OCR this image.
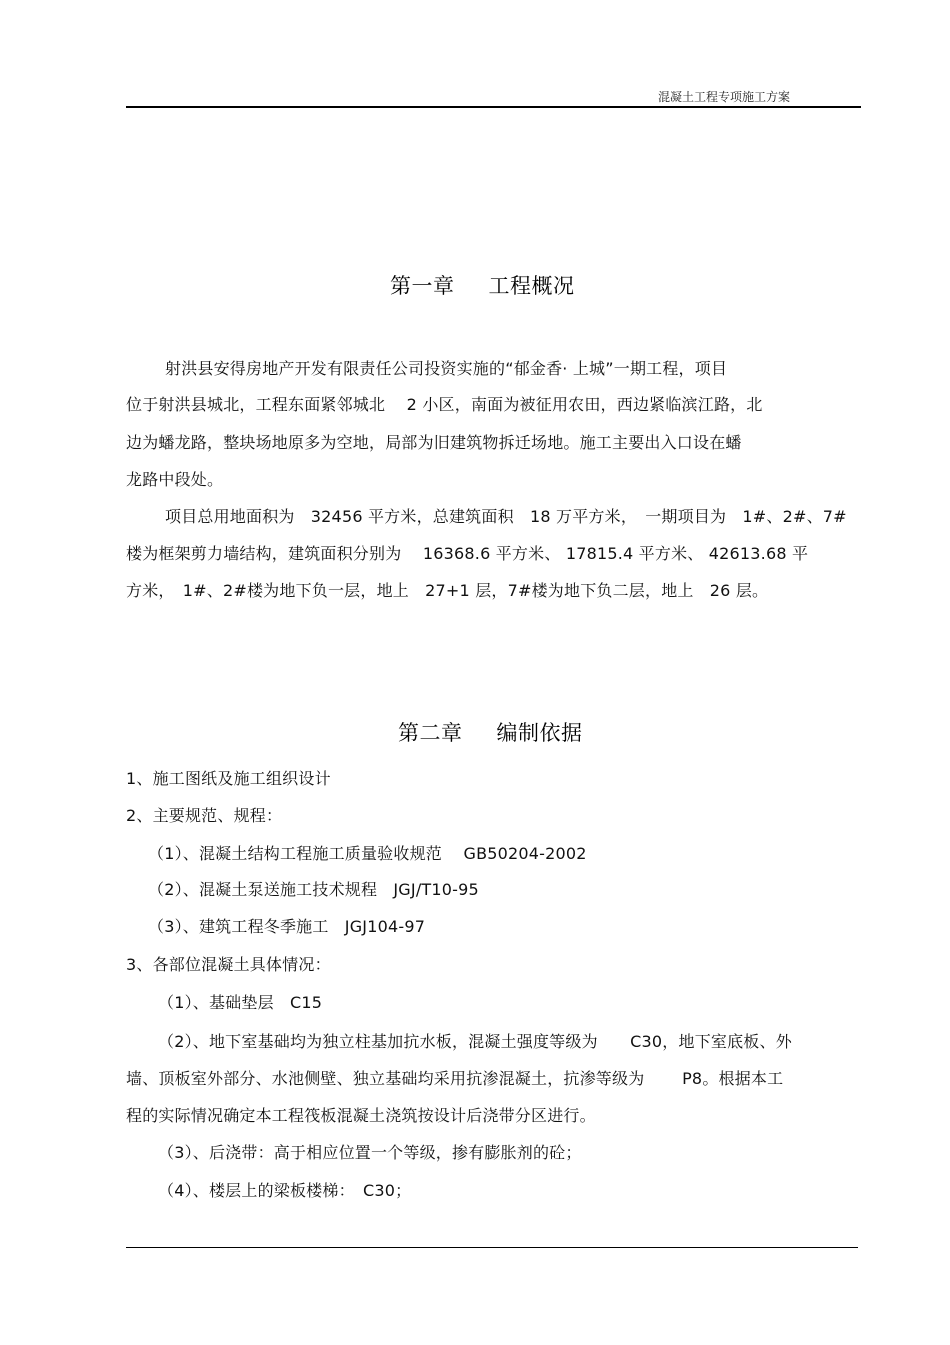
混凝土工程专项施工方案
第一章 工程概况
射洪县安得房地产开发有限责任公司投资实施的“郁金香· 上城”一期工程，项目
位于射洪县城北，工程东面紧邻城北　 2 小区，南面为被征用农田，西边紧临滨江路，北
边为蟠龙路，整块场地原多为空地，局部为旧建筑物拆迁场地。施工主要出入口设在蟠
龙路中段处。
项目总用地面积为　32456 平方米，总建筑面积　18 万平方米，　一期项目为　1#、2#、7#
楼为框架剪力墙结构，建筑面积分别为　 16368.6 平方米、 17815.4 平方米、 42613.68 平
方米，　1#、2#楼为地下负一层，地上　27+1 层，7#楼为地下负二层，地上　26 层。
第二章 编制依据
1、施工图纸及施工组织设计
2、主要规范、规程：
（1）、混凝土结构工程施工质量验收规范　 GB50204-2002
（2）、混凝土泵送施工技术规程　JGJ/T10-95
（3）、建筑工程冬季施工　JGJ104-97
3、各部位混凝土具体情况：
（1）、基础垫层　C15
（2）、地下室基础均为独立柱基加抗水板，混凝土强度等级为　　C30，地下室底板、外
墙、顶板室外部分、水池侧壁、独立基础均采用抗渗混凝土，抗渗等级为　　 P8。根据本工
程的实际情况确定本工程筏板混凝土浇筑按设计后浇带分区进行。
（3）、后浇带：高于相应位置一个等级，掺有膨胀剂的砼；
（4）、楼层上的梁板楼梯：　C30；
